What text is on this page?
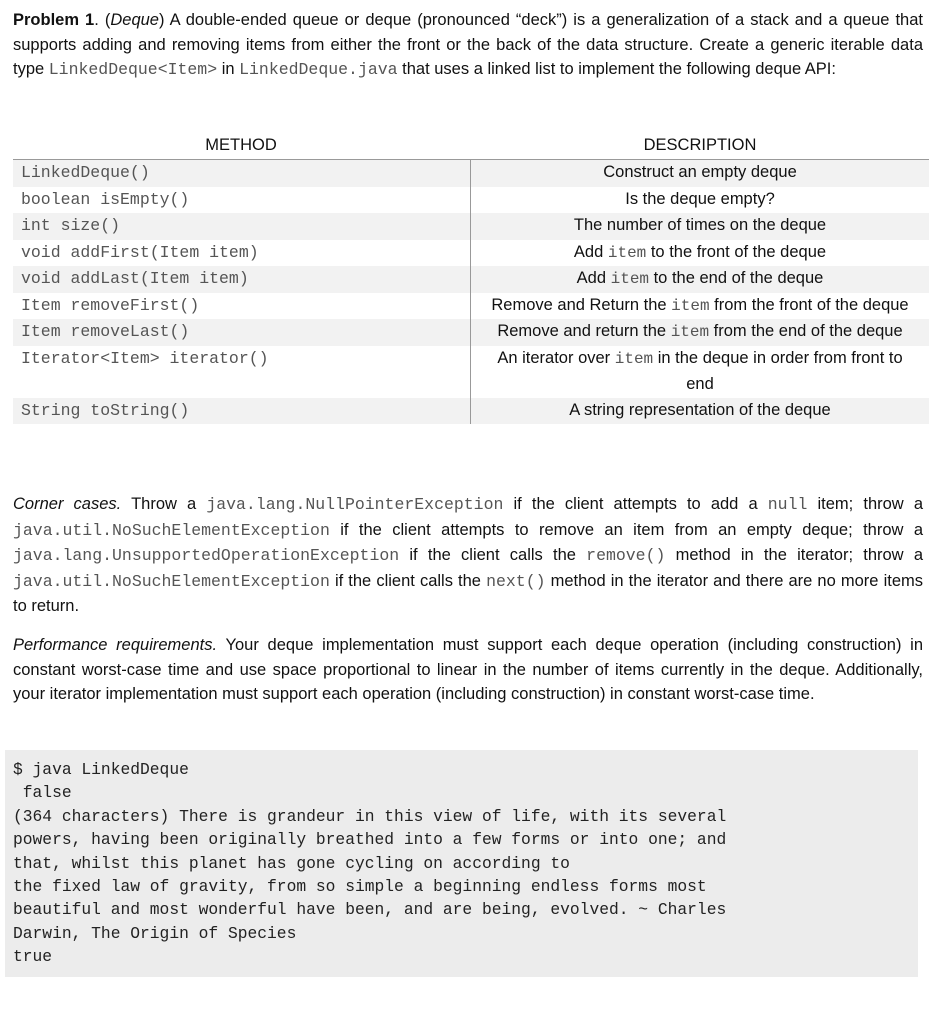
Problem 1. (Deque) A double-ended queue or deque (pronounced “deck”) is a generalization of a stack and a queue that supports adding and removing items from either the front or the back of the data structure. Create a generic iterable data type LinkedDeque<Item> in LinkedDeque.java that uses a linked list to implement the following deque API:

METHOD	DESCRIPTION
LinkedDeque()	Construct an empty deque
boolean isEmpty()	Is the deque empty?
int size()	The number of times on the deque
void addFirst(Item item)	Add item to the front of the deque
void addLast(Item item)	Add item to the end of the deque
Item removeFirst()	Remove and Return the item from the front of the deque
Item removeLast()	Remove and return the item from the end of the deque
Iterator<Item> iterator()	An iterator over item in the deque in order from front to end
String toString()	A string representation of the deque

Corner cases. Throw a java.lang.NullPointerException if the client attempts to add a null item; throw a java.util.NoSuchElementException if the client attempts to remove an item from an empty deque; throw a java.lang.UnsupportedOperationException if the client calls the remove() method in the iterator; throw a java.util.NoSuchElementException if the client calls the next() method in the iterator and there are no more items to return.

Performance requirements. Your deque implementation must support each deque operation (including construction) in constant worst-case time and use space proportional to linear in the number of items currently in the deque. Additionally, your iterator implementation must support each operation (including construction) in constant worst-case time.

$ java LinkedDeque
false
(364 characters) There is grandeur in this view of life, with its several
powers, having been originally breathed into a few forms or into one; and
that, whilst this planet has gone cycling on according to
the fixed law of gravity, from so simple a beginning endless forms most
beautiful and most wonderful have been, and are being, evolved. ~ Charles
Darwin, The Origin of Species
true
